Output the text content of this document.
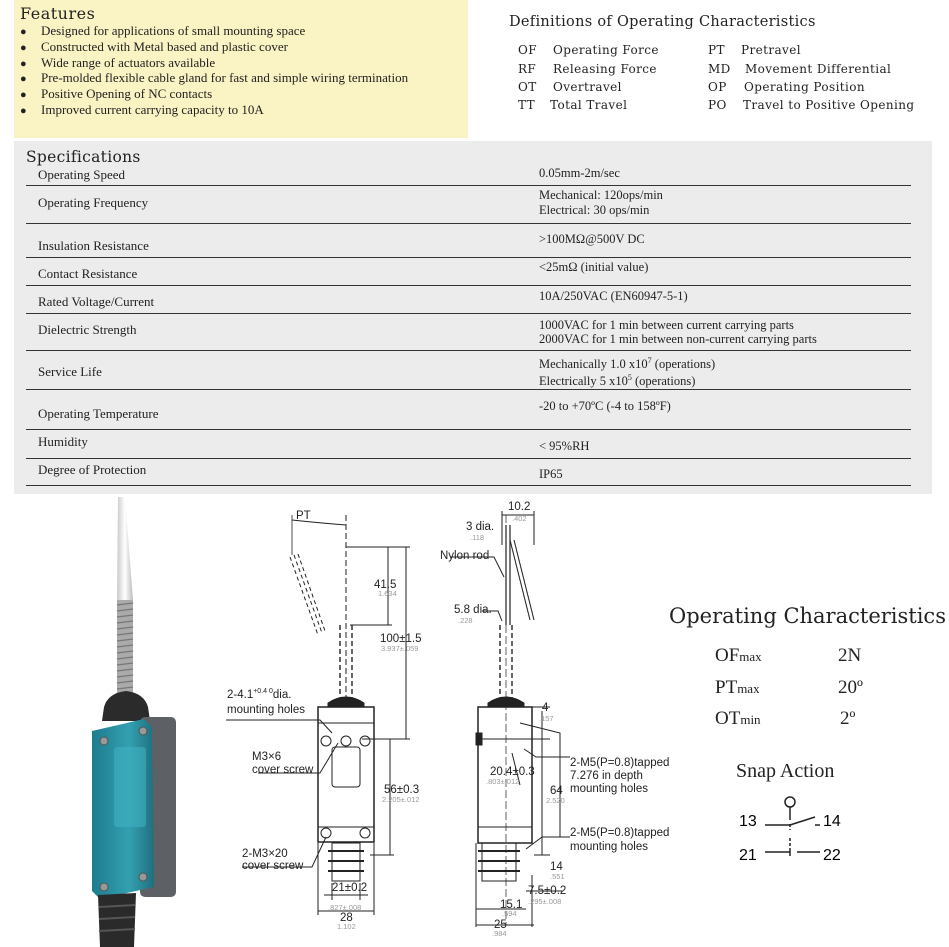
Features
● Designed for applications of small mounting space
● Constructed with Metal based and plastic cover
● Wide range of actuators available
● Pre-molded flexible cable gland for fast and simple wiring termination
● Positive Opening of NC contacts
● Improved current carrying capacity to 10A
Definitions of Operating Characteristics
OF Operating Force
RF Releasing Force
OT Overtravel
TT Total Travel
PT Pretravel
MD Movement Differential
OP Operating Position
PO Travel to Positive Opening
Specifications
Operating Speed	0.05mm-2m/sec
Operating Frequency	Mechanical: 120ops/min
Electrical: 30 ops/min
Insulation Resistance	>100MΩ@500V DC
Contact Resistance	<25mΩ (initial value)
Rated Voltage/Current	10A/250VAC (EN60947-5-1)
Dielectric Strength	1000VAC for 1 min between current carrying parts
2000VAC for 1 min between non-current carrying parts
Service Life	Mechanically 1.0 $x10^7$ (operations)
Electrically 5 $x10^5$ (operations)
Operating Temperature	-20 to +70ºC (-4 to 158ºF)
Humidity	< 95%RH
Degree of Protection	IP65
PT
41.5
1.634
100±1.5
3.937±.059
$2-4.1^{+0.4 0}dia$.
mounting holes
M3×6
cover screw
56±0.3
2.205±.012
2-M3×20
cover screw
21±0.2
.827±.008
28
1.102
10.2
.402
3 dia.
.118
Nylon rod
5.8 dia.
.228
4
.157
2-M5(P=0.8)tapped
7.276 in depth
mounting holes
20.4±0.3
.803±.012
64
2.520
2-M5(P=0.8)tapped
mounting holes
14
.551
7.5±0.2
.295±.008
15.1
.594
25
.984
Operating Characteristics
OFmax	2N
PTmax	20º
OTmin	2º
Snap Action
13	14
21	22
